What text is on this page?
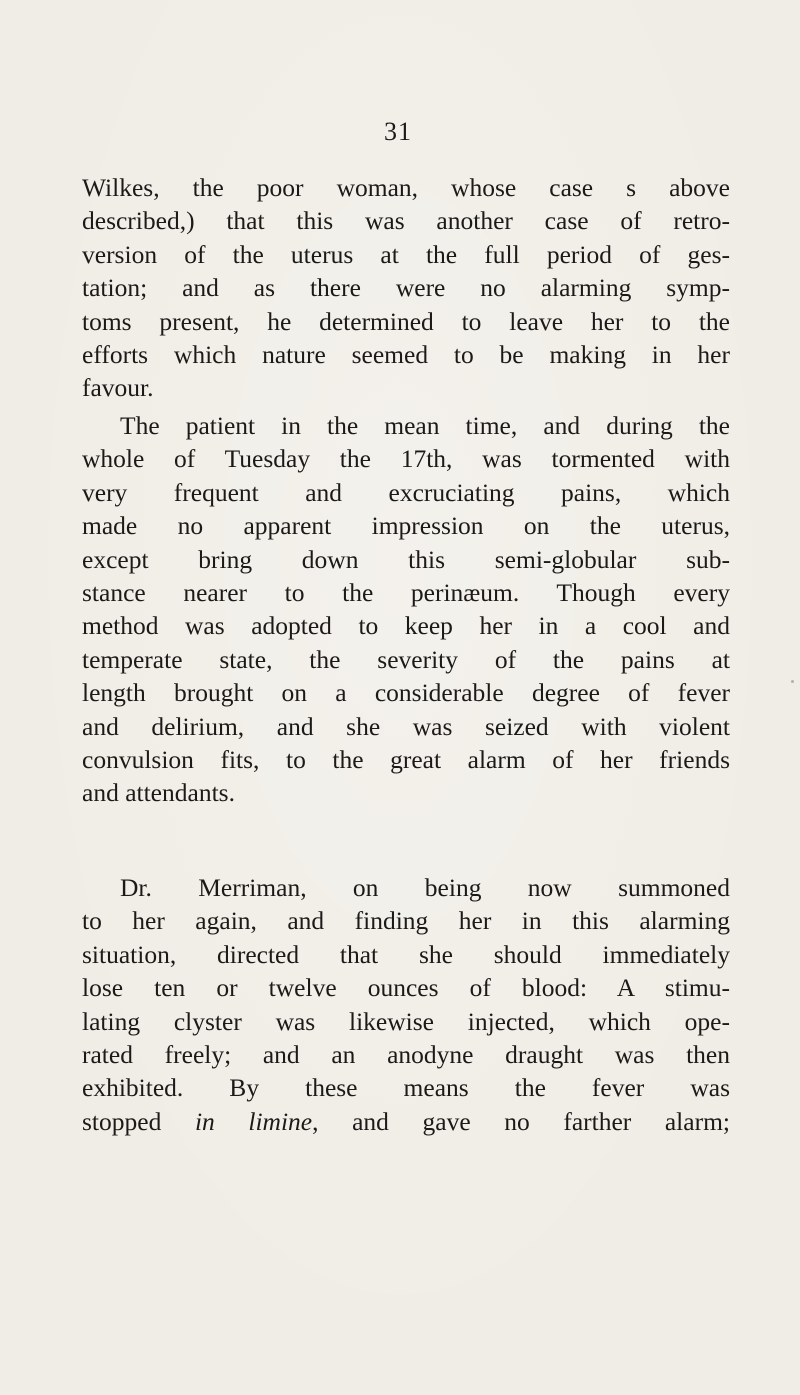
31

Wilkes, the poor woman, whose case s above
described,) that this was another case of retro-
version of the uterus at the full period of ges-
tation; and as there were no alarming symp-
toms present, he determined to leave her to the
efforts which nature seemed to be making in her
favour.

The patient in the mean time, and during the
whole of Tuesday the 17th, was tormented with
very frequent and excruciating pains, which
made no apparent impression on the uterus,
except bring down this semi-globular sub-
stance nearer to the perinæum. Though every
method was adopted to keep her in a cool and
temperate state, the severity of the pains at
length brought on a considerable degree of fever
and delirium, and she was seized with violent
convulsion fits, to the great alarm of her friends
and attendants.

Dr. Merriman, on being now summoned
to her again, and finding her in this alarming
situation, directed that she should immediately
lose ten or twelve ounces of blood: A stimu-
lating clyster was likewise injected, which ope-
rated freely; and an anodyne draught was then
exhibited. By these means the fever was
stopped in limine, and gave no farther alarm;
